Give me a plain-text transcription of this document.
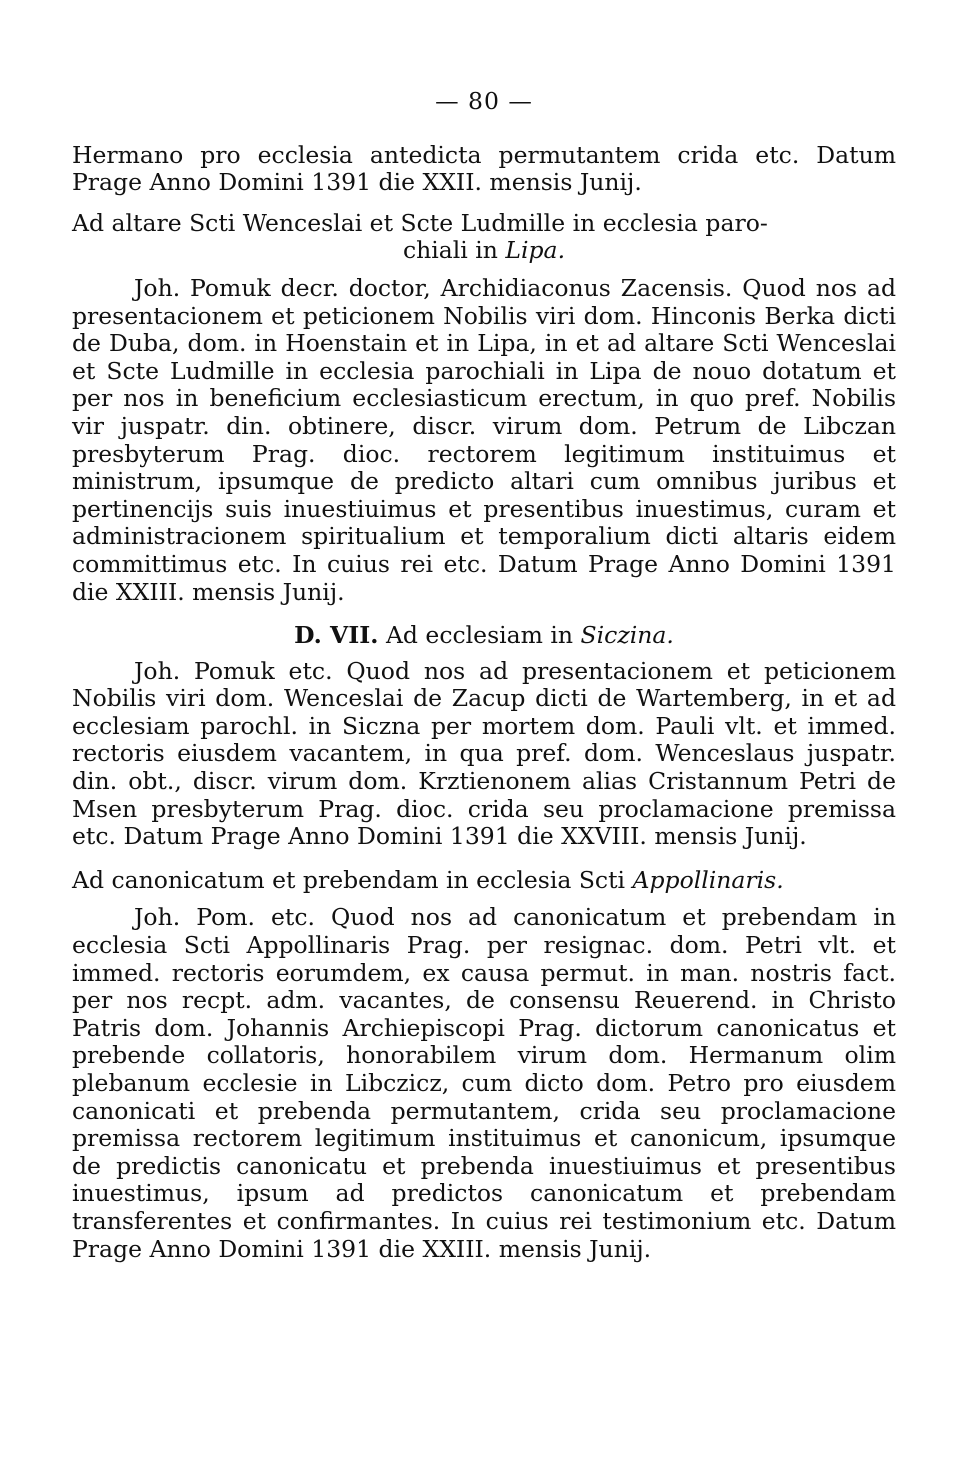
— 80 —

Hermano pro ecclesia antedicta permutantem crida etc. Datum Prage Anno Domini 1391 die XXII. mensis Junij.

Ad altare Scti Wenceslai et Scte Ludmille in ecclesia paro-

chiali in Lipa.

Joh. Pomuk decr. doctor, Archidiaconus Zacensis. Quod nos ad presentacionem et peticionem Nobilis viri dom. Hinconis Berka dicti de Duba, dom. in Hoenstain et in Lipa, in et ad altare Scti Wenceslai et Scte Ludmille in ecclesia parochiali in Lipa de nouo dotatum et per nos in beneficium ecclesiasticum erectum, in quo pref. Nobilis vir juspatr. din. obtinere, discr. virum dom. Petrum de Libczan presbyterum Prag. dioc. rectorem legitimum instituimus et ministrum, ipsumque de predicto altari cum omnibus juribus et pertinencijs suis inuestiuimus et presentibus inuestimus, curam et administracionem spiritualium et temporalium dicti altaris eidem committimus etc. In cuius rei etc. Datum Prage Anno Domini 1391 die XXIII. mensis Junij.

D. VII. Ad ecclesiam in Siczina.

Joh. Pomuk etc. Quod nos ad presentacionem et peticionem Nobilis viri dom. Wenceslai de Zacup dicti de Wartemberg, in et ad ecclesiam parochl. in Siczna per mortem dom. Pauli vlt. et immed. rectoris eiusdem vacantem, in qua pref. dom. Wenceslaus juspatr. din. obt., discr. virum dom. Krztienonem alias Cristannum Petri de Msen presbyterum Prag. dioc. crida seu proclamacione premissa etc. Datum Prage Anno Domini 1391 die XXVIII. mensis Junij.

Ad canonicatum et prebendam in ecclesia Scti Appollinaris.

Joh. Pom. etc. Quod nos ad canonicatum et prebendam in ecclesia Scti Appollinaris Prag. per resignac. dom. Petri vlt. et immed. rectoris eorumdem, ex causa permut. in man. nostris fact. per nos recpt. adm. vacantes, de consensu Reuerend. in Christo Patris dom. Johannis Archiepiscopi Prag. dictorum canonicatus et prebende collatoris, honorabilem virum dom. Hermanum olim plebanum ecclesie in Libczicz, cum dicto dom. Petro pro eiusdem canonicati et prebenda permutantem, crida seu proclamacione premissa rectorem legitimum instituimus et canonicum, ipsumque de predictis canonicatu et prebenda inuestiuimus et presentibus inuestimus, ipsum ad predictos canonicatum et prebendam transferentes et confirmantes. In cuius rei testimonium etc. Datum Prage Anno Domini 1391 die XXIII. mensis Junij.
